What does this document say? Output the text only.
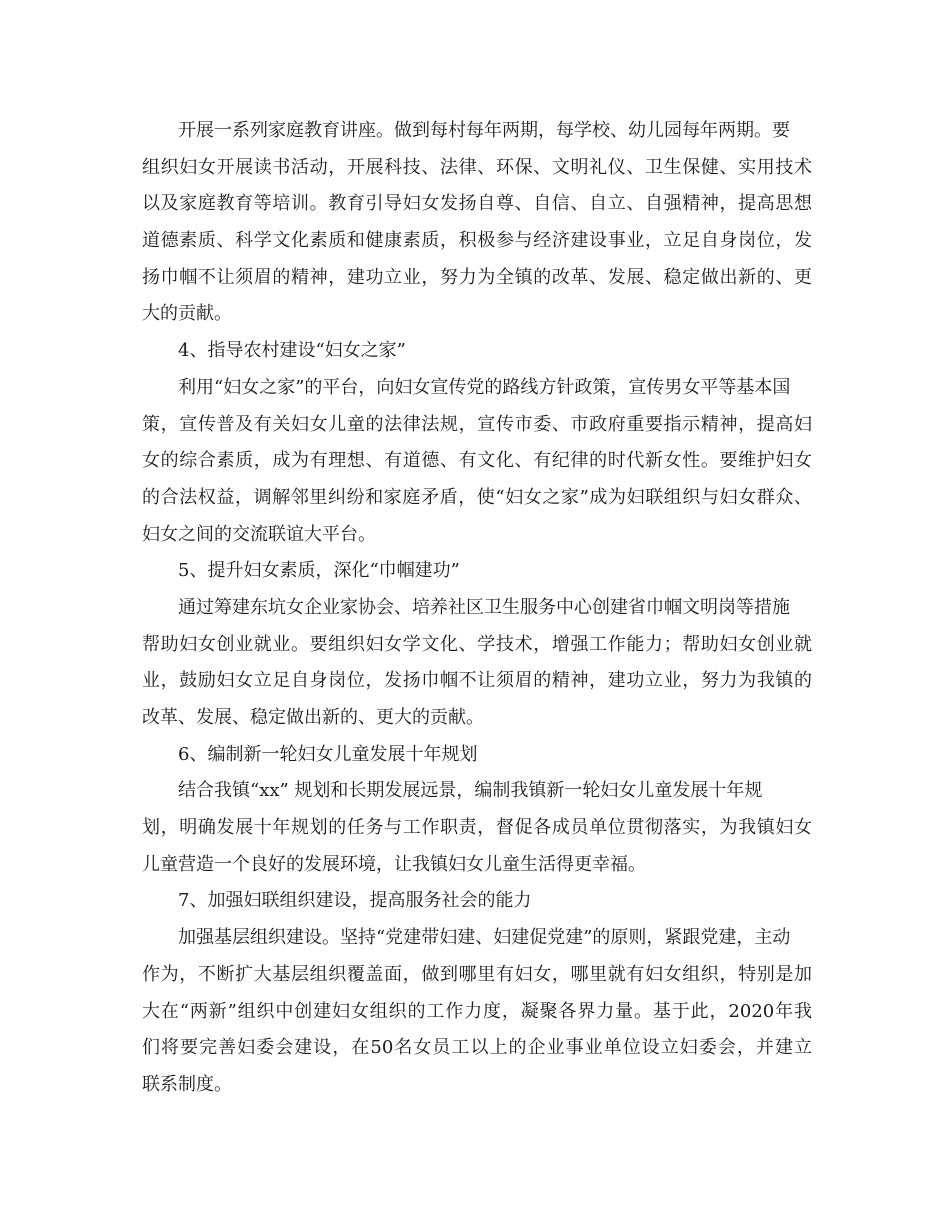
开展一系列家庭教育讲座。做到每村每年两期，每学校、幼儿园每年两期。要
组织妇女开展读书活动，开展科技、法律、环保、文明礼仪、卫生保健、实用技术
以及家庭教育等培训。教育引导妇女发扬自尊、自信、自立、自强精神，提高思想
道德素质、科学文化素质和健康素质，积极参与经济建设事业，立足自身岗位，发
扬巾帼不让须眉的精神，建功立业，努力为全镇的改革、发展、稳定做出新的、更
大的贡献。
4、指导农村建设“妇女之家”
利用“妇女之家”的平台，向妇女宣传党的路线方针政策，宣传男女平等基本国
策，宣传普及有关妇女儿童的法律法规，宣传市委、市政府重要指示精神，提高妇
女的综合素质，成为有理想、有道德、有文化、有纪律的时代新女性。要维护妇女
的合法权益，调解邻里纠纷和家庭矛盾，使“妇女之家”成为妇联组织与妇女群众、
妇女之间的交流联谊大平台。
5、提升妇女素质，深化“巾帼建功”
通过筹建东坑女企业家协会、培养社区卫生服务中心创建省巾帼文明岗等措施
帮助妇女创业就业。要组织妇女学文化、学技术，增强工作能力；帮助妇女创业就
业，鼓励妇女立足自身岗位，发扬巾帼不让须眉的精神，建功立业，努力为我镇的
改革、发展、稳定做出新的、更大的贡献。
6、编制新一轮妇女儿童发展十年规划
结合我镇“xx” 规划和长期发展远景，编制我镇新一轮妇女儿童发展十年规
划，明确发展十年规划的任务与工作职责，督促各成员单位贯彻落实，为我镇妇女
儿童营造一个良好的发展环境，让我镇妇女儿童生活得更幸福。
7、加强妇联组织建设，提高服务社会的能力
加强基层组织建设。坚持“党建带妇建、妇建促党建”的原则，紧跟党建，主动
作为，不断扩大基层组织覆盖面，做到哪里有妇女，哪里就有妇女组织，特别是加
大在“两新”组织中创建妇女组织的工作力度，凝聚各界力量。基于此，2020年我
们将要完善妇委会建设，在50名女员工以上的企业事业单位设立妇委会，并建立
联系制度。
